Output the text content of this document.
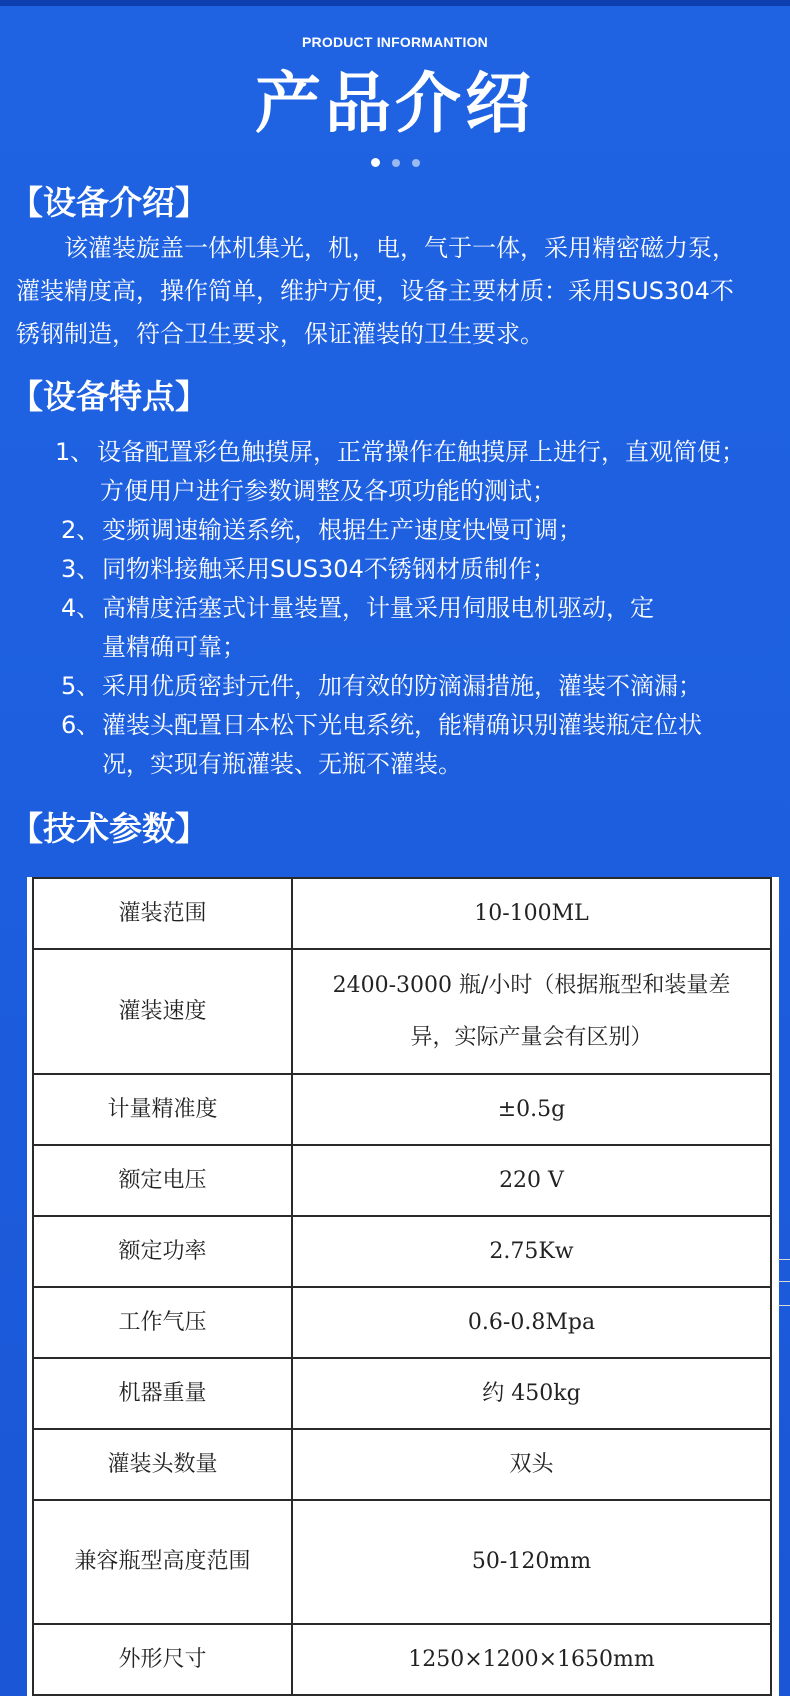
PRODUCT INFORMANTION
产品介绍
【设备介绍】
该灌装旋盖一体机集光，机，电，气于一体，采用精密磁力泵，灌装精度高，操作简单，维护方便，设备主要材质：采用SUS304不锈钢制造，符合卫生要求，保证灌装的卫生要求。
【设备特点】
1、 设备配置彩色触摸屏，正常操作在触摸屏上进行，直观简便；方便用户进行参数调整及各项功能的测试；
2、 变频调速输送系统，根据生产速度快慢可调；
3、 同物料接触采用SUS304不锈钢材质制作；
4、 高精度活塞式计量装置，计量采用伺服电机驱动，定量精确可靠；
5、 采用优质密封元件，加有效的防滴漏措施，灌装不滴漏；
6、 灌装头配置日本松下光电系统，能精确识别灌装瓶定位状况，实现有瓶灌装、无瓶不灌装。
【技术参数】
灌装范围	10-100ML
灌装速度	2400-3000 瓶/小时（根据瓶型和装量差异，实际产量会有区别）
计量精准度	±0.5g
额定电压	220 V
额定功率	2.75Kw
工作气压	0.6-0.8Mpa
机器重量	约 450kg
灌装头数量	双头
兼容瓶型高度范围	50-120mm
外形尺寸	1250×1200×1650mm
